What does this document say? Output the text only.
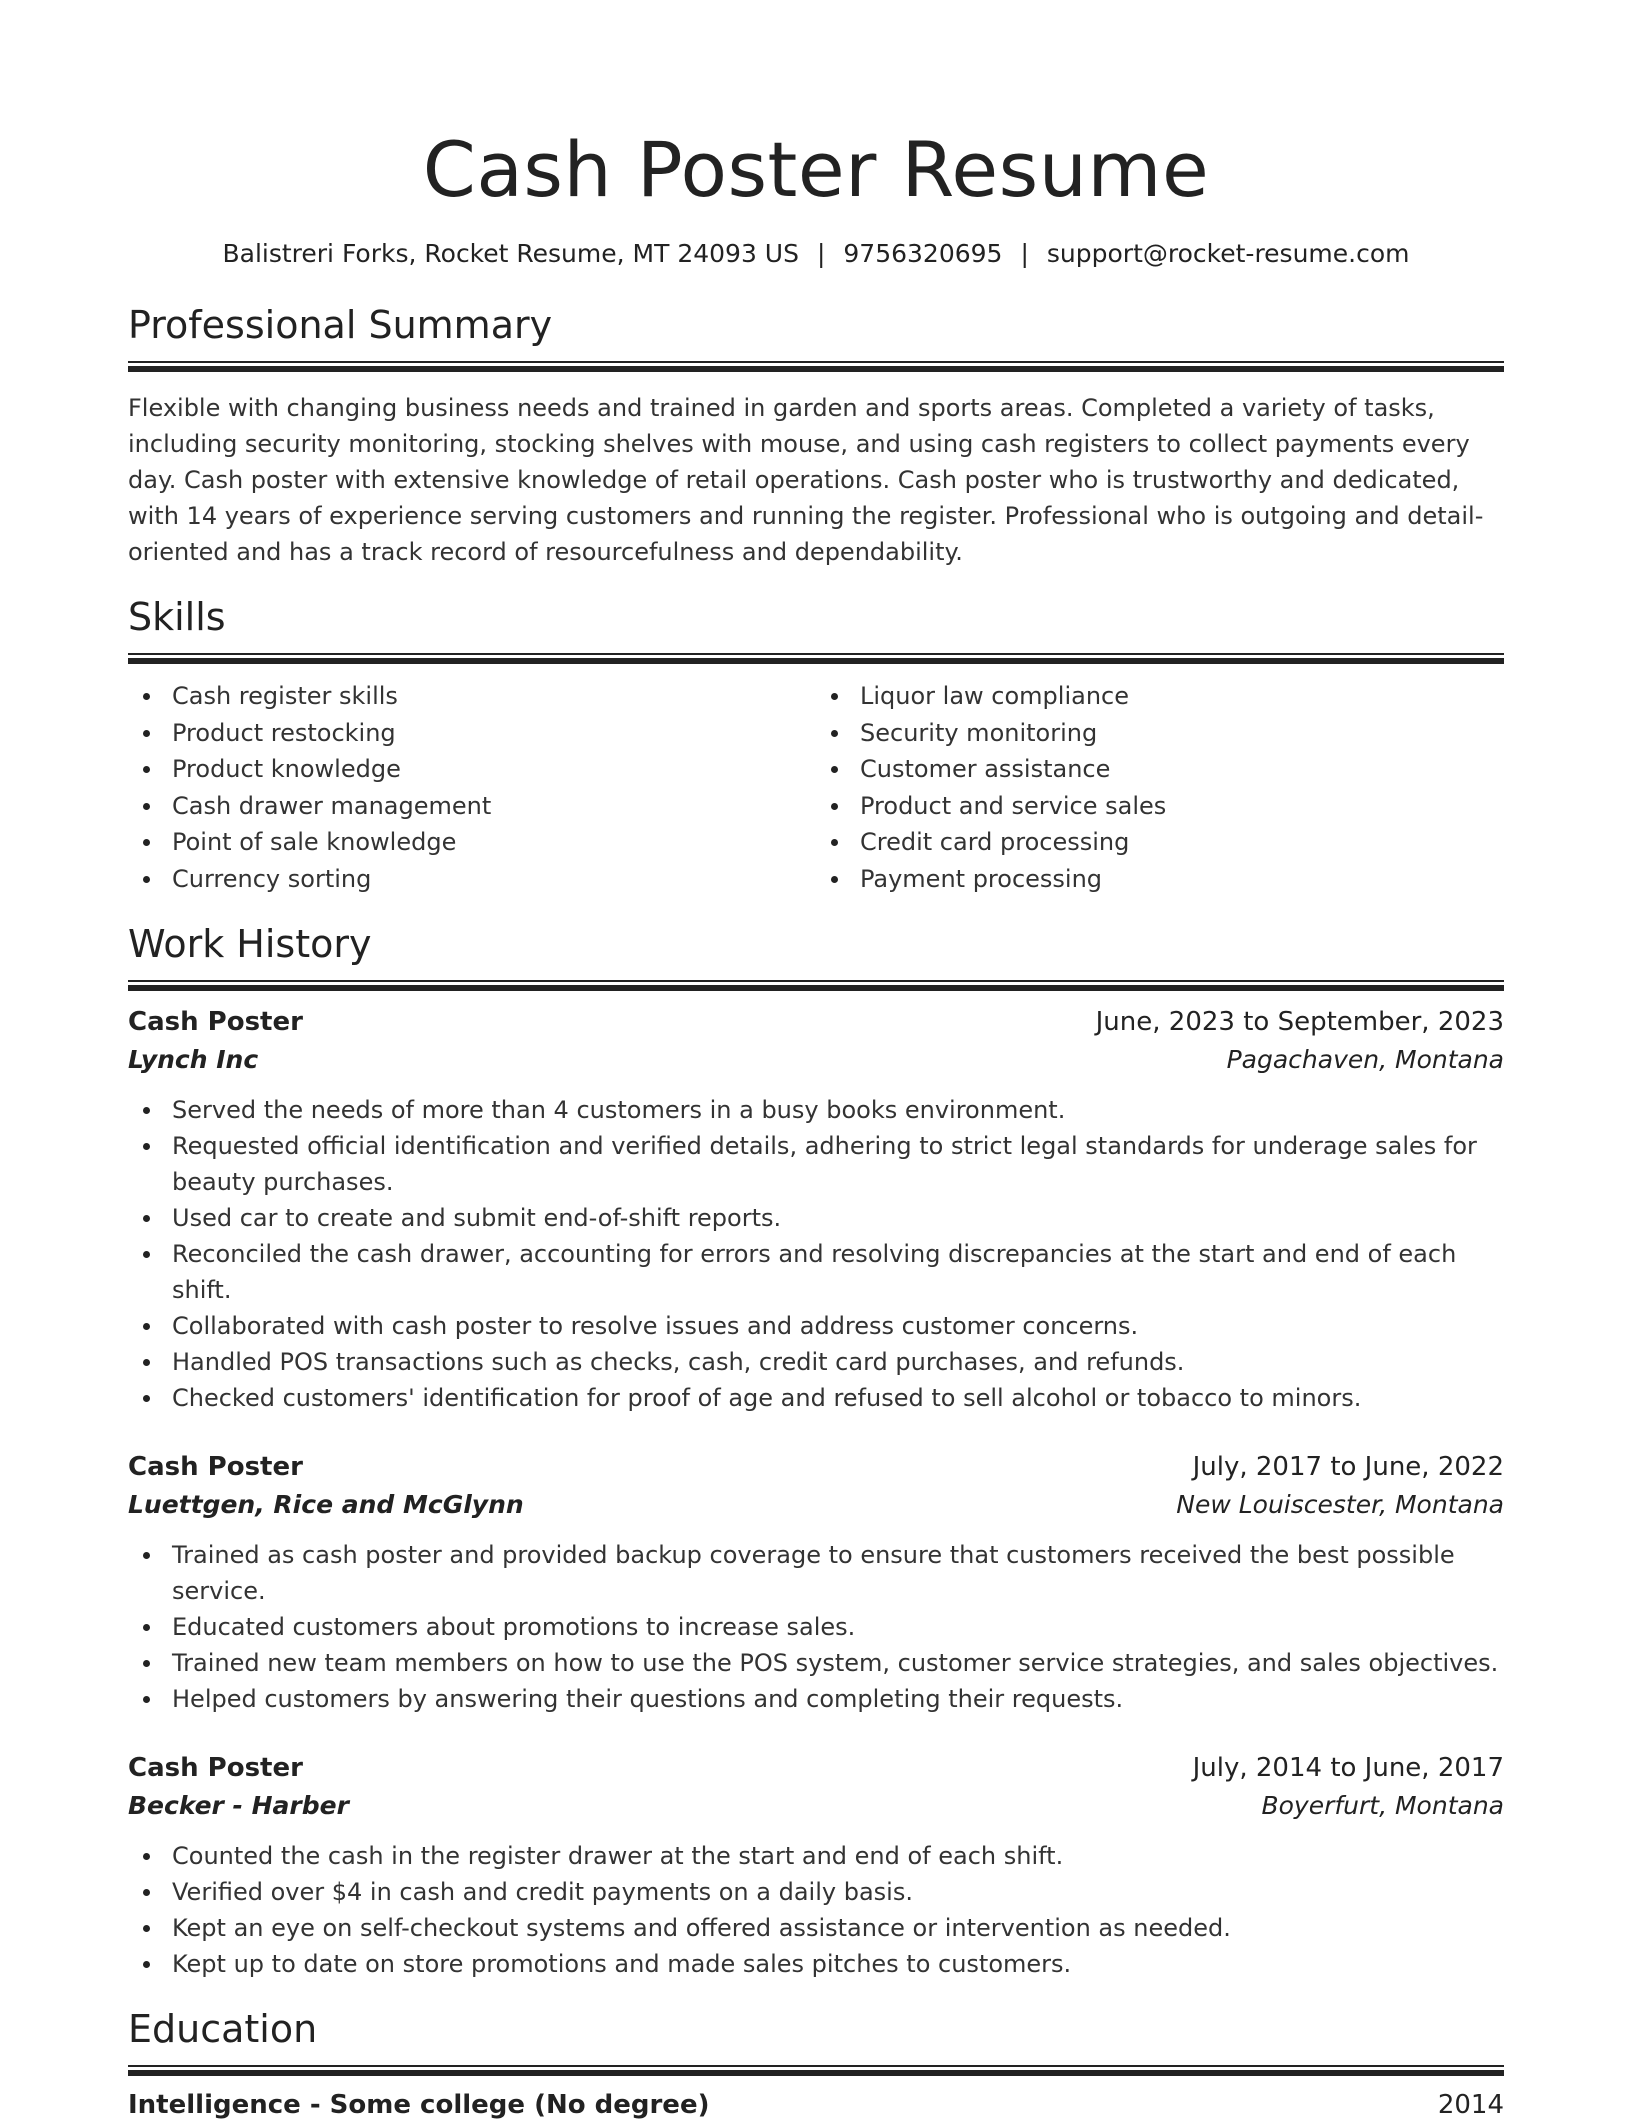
Cash Poster Resume
Balistreri Forks, Rocket Resume, MT 24093 US | 9756320695 | support@rocket-resume.com
Professional Summary

Flexible with changing business needs and trained in garden and sports areas. Completed a variety of tasks, including security monitoring, stocking shelves with mouse, and using cash registers to collect payments every day. Cash poster with extensive knowledge of retail operations. Cash poster who is trustworthy and dedicated, with 14 years of experience serving customers and running the register. Professional who is outgoing and detail-oriented and has a track record of resourcefulness and dependability.

Skills
Cash register skills
Product restocking
Product knowledge
Cash drawer management
Point of sale knowledge
Currency sorting
Liquor law compliance
Security monitoring
Customer assistance
Product and service sales
Credit card processing
Payment processing
Work History
Cash Poster	June, 2023 to September, 2023
Lynch Inc	Pagachaven, Montana
Served the needs of more than 4 customers in a busy books environment.
Requested official identification and verified details, adhering to strict legal standards for underage sales for beauty purchases.
Used car to create and submit end-of-shift reports.
Reconciled the cash drawer, accounting for errors and resolving discrepancies at the start and end of each shift.
Collaborated with cash poster to resolve issues and address customer concerns.
Handled POS transactions such as checks, cash, credit card purchases, and refunds.
Checked customers' identification for proof of age and refused to sell alcohol or tobacco to minors.
Cash Poster	July, 2017 to June, 2022
Luettgen, Rice and McGlynn	New Louiscester, Montana
Trained as cash poster and provided backup coverage to ensure that customers received the best possible service.
Educated customers about promotions to increase sales.
Trained new team members on how to use the POS system, customer service strategies, and sales objectives.
Helped customers by answering their questions and completing their requests.
Cash Poster	July, 2014 to June, 2017
Becker - Harber	Boyerfurt, Montana
Counted the cash in the register drawer at the start and end of each shift.
Verified over $4 in cash and credit payments on a daily basis.
Kept an eye on self-checkout systems and offered assistance or intervention as needed.
Kept up to date on store promotions and made sales pitches to customers.
Education
Intelligence - Some college (No degree)	2014
